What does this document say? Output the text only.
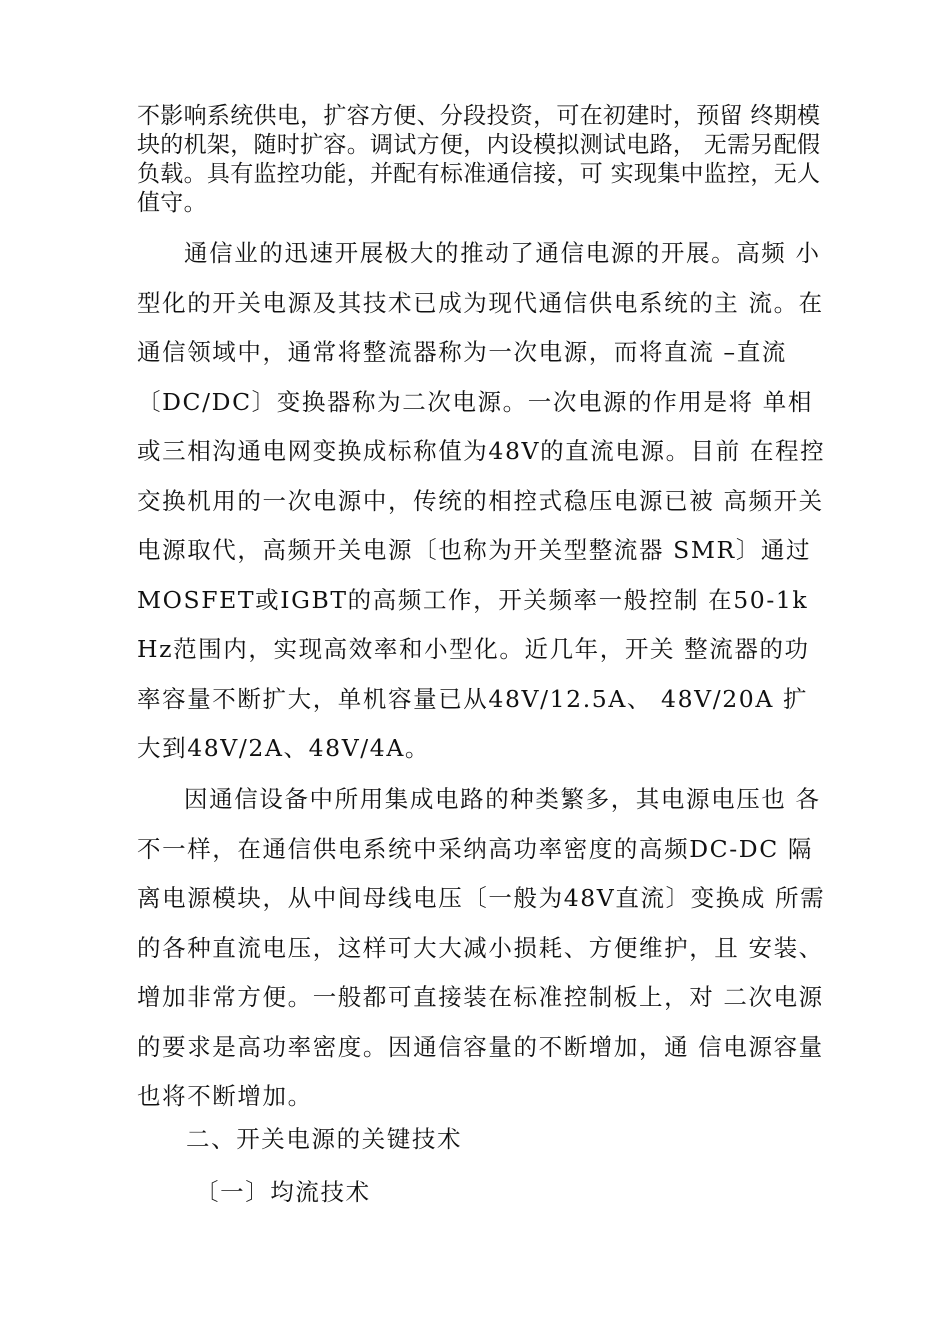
不影响系统供电，扩容方便、分段投资，可在初建时，预留 终期模块的机架，随时扩容。调试方便，内设模拟测试电路， 无需另配假负载。具有监控功能，并配有标准通信接，可 实现集中监控，无人值守。

通信业的迅速开展极大的推动了通信电源的开展。高频 小型化的开关电源及其技术已成为现代通信供电系统的主 流。在通信领域中，通常将整流器称为一次电源，而将直流 –直流〔DC/DC〕变换器称为二次电源。一次电源的作用是将 单相或三相沟通电网变换成标称值为48V的直流电源。目前 在程控交换机用的一次电源中，传统的相控式稳压电源已被 高频开关电源取代，高频开关电源〔也称为开关型整流器 SMR〕通过MOSFET或IGBT的高频工作，开关频率一般控制 在50-1kHz范围内，实现高效率和小型化。近几年，开关 整流器的功率容量不断扩大，单机容量已从48V/12.5A、 48V/20A 扩大到48V/2A、48V/4A。

因通信设备中所用集成电路的种类繁多，其电源电压也 各不一样，在通信供电系统中采纳高功率密度的高频DC-DC 隔离电源模块，从中间母线电压〔一般为48V直流〕变换成 所需的各种直流电压，这样可大大减小损耗、方便维护，且 安装、增加非常方便。一般都可直接装在标准控制板上，对 二次电源的要求是高功率密度。因通信容量的不断增加，通 信电源容量也将不断增加。

二、开关电源的关键技术

〔一〕均流技术
